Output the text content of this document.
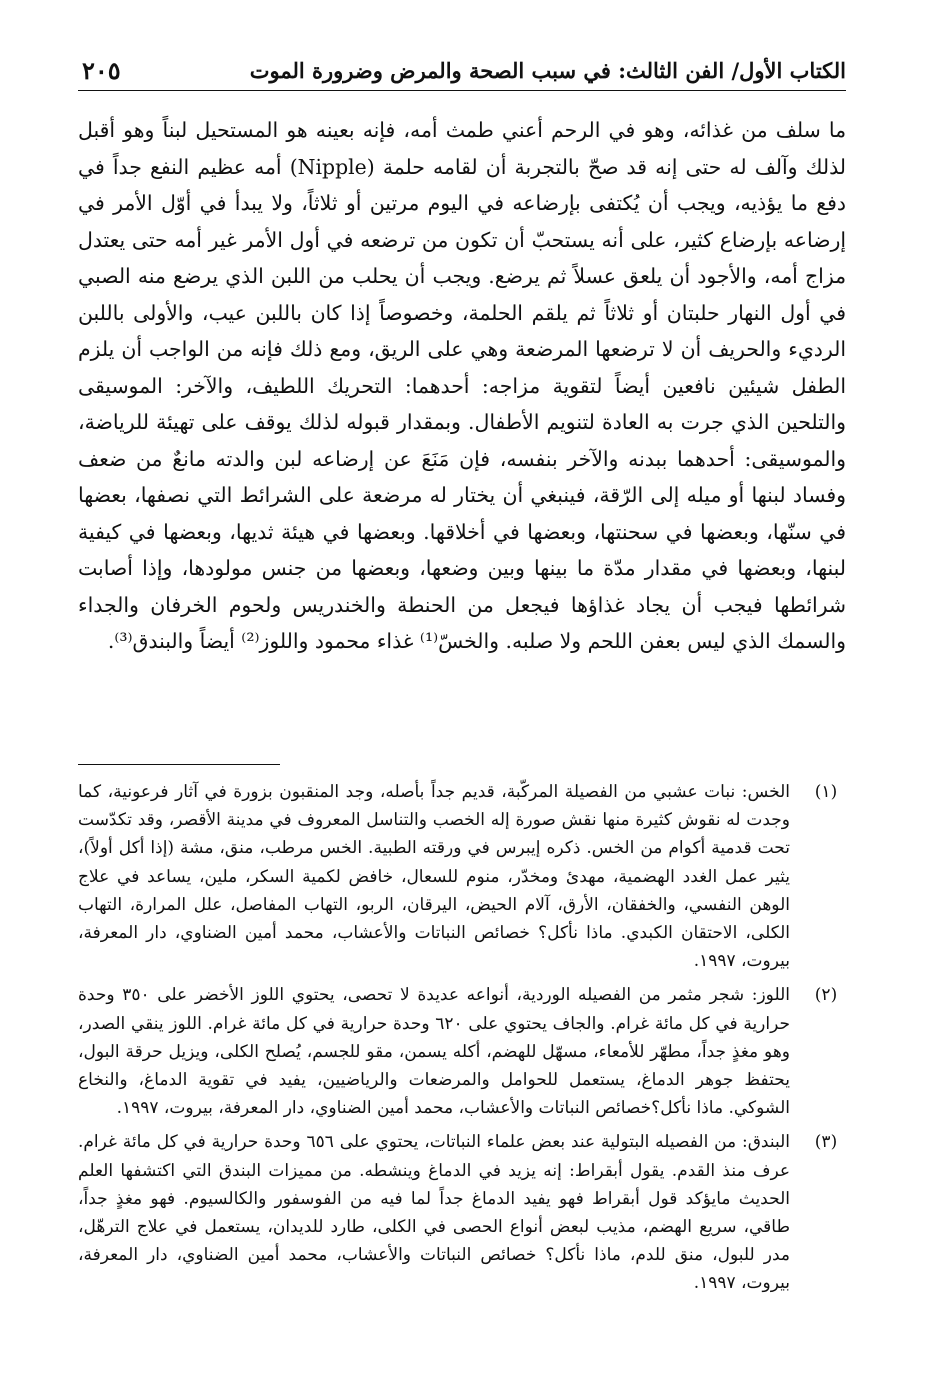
٢٠٥	الكتاب الأول/ الفن الثالث: في سبب الصحة والمرض وضرورة الموت

ما سلف من غذائه، وهو في الرحم أعني طمث أمه، فإنه بعينه هو المستحيل لبناً وهو أقبل لذلك وآلف له حتى إنه قد صحّ بالتجربة أن لقامه حلمة (Nipple) أمه عظيم النفع جداً في دفع ما يؤذيه، ويجب أن يُكتفى بإرضاعه في اليوم مرتين أو ثلاثاً، ولا يبدأ في أوّل الأمر في إرضاعه بإرضاع كثير، على أنه يستحبّ أن تكون من ترضعه في أول الأمر غير أمه حتى يعتدل مزاج أمه، والأجود أن يلعق عسلاً ثم يرضع. ويجب أن يحلب من اللبن الذي يرضع منه الصبي في أول النهار حلبتان أو ثلاثاً ثم يلقم الحلمة، وخصوصاً إذا كان باللبن عيب، والأولى باللبن الرديء والحريف أن لا ترضعها المرضعة وهي على الريق، ومع ذلك فإنه من الواجب أن يلزم الطفل شيئين نافعين أيضاً لتقوية مزاجه: أحدهما: التحريك اللطيف، والآخر: الموسيقى والتلحين الذي جرت به العادة لتنويم الأطفال. وبمقدار قبوله لذلك يوقف على تهيئة للرياضة، والموسيقى: أحدهما ببدنه والآخر بنفسه، فإن مَنَعَ عن إرضاعه لبن والدته مانعٌ من ضعف وفساد لبنها أو ميله إلى الرّقة، فينبغي أن يختار له مرضعة على الشرائط التي نصفها، بعضها في سنّها، وبعضها في سحنتها، وبعضها في أخلاقها. وبعضها في هيئة ثديها، وبعضها في كيفية لبنها، وبعضها في مقدار مدّة ما بينها وبين وضعها، وبعضها من جنس مولودها، وإذا أصابت شرائطها فيجب أن يجاد غذاؤها فيجعل من الحنطة والخندريس ولحوم الخرفان والجداء والسمك الذي ليس بعفن اللحم ولا صلبه. والخسّ⁽¹⁾ غذاء محمود واللوز⁽²⁾ أيضاً والبندق⁽³⁾.

(١)

الخس: نبات عشبي من الفصيلة المركّبة، قديم جداً بأصله، وجد المنقبون بزورة في آثار فرعونية، كما وجدت له نقوش كثيرة منها نقش صورة إله الخصب والتناسل المعروف في مدينة الأقصر، وقد تكدّست تحت قدمية أكوام من الخس. ذكره إيبرس في ورقته الطبية. الخس مرطب، منق، مشة (إذا أكل أولاً)، يثير عمل الغدد الهضمية، مهدئ ومخدّر، منوم للسعال، خافض لكمية السكر، ملين، يساعد في علاج الوهن النفسي، والخفقان، الأرق، آلام الحيض، اليرقان، الربو، التهاب المفاصل، علل المرارة، التهاب الكلى، الاحتقان الكبدي. ماذا نأكل؟ خصائص النباتات والأعشاب، محمد أمين الضناوي، دار المعرفة، بيروت، ١٩٩٧.

(٢)

اللوز: شجر مثمر من الفصيله الوردية، أنواعه عديدة لا تحصى، يحتوي اللوز الأخضر على ٣٥٠ وحدة حرارية في كل مائة غرام. والجاف يحتوي على ٦٢٠ وحدة حرارية في كل مائة غرام. اللوز ينقي الصدر، وهو مغذٍ جداً، مطهّر للأمعاء، مسهّل للهضم، أكله يسمن، مقو للجسم، يُصلح الكلى، ويزيل حرقة البول، يحتفظ جوهر الدماغ، يستعمل للحوامل والمرضعات والرياضيين، يفيد في تقوية الدماغ، والنخاع الشوكي. ماذا نأكل؟خصائص النباتات والأعشاب، محمد أمين الضناوي، دار المعرفة، بيروت، ١٩٩٧.

(٣)

البندق: من الفصيله البتولية عند بعض علماء النباتات، يحتوي على ٦٥٦ وحدة حرارية في كل مائة غرام. عرف منذ القدم. يقول أبقراط: إنه يزيد في الدماغ وينشطه. من مميزات البندق التي اكتشفها العلم الحديث مايؤكد قول أبقراط فهو يفيد الدماغ جداً لما فيه من الفوسفور والكالسيوم. فهو مغذٍ جداً، طاقي، سريع الهضم، مذيب لبعض أنواع الحصى في الكلى، طارد للديدان، يستعمل في علاج الترهّل، مدر للبول، منق للدم، ماذا نأكل؟ خصائص النباتات والأعشاب، محمد أمين الضناوي، دار المعرفة، بيروت، ١٩٩٧.
